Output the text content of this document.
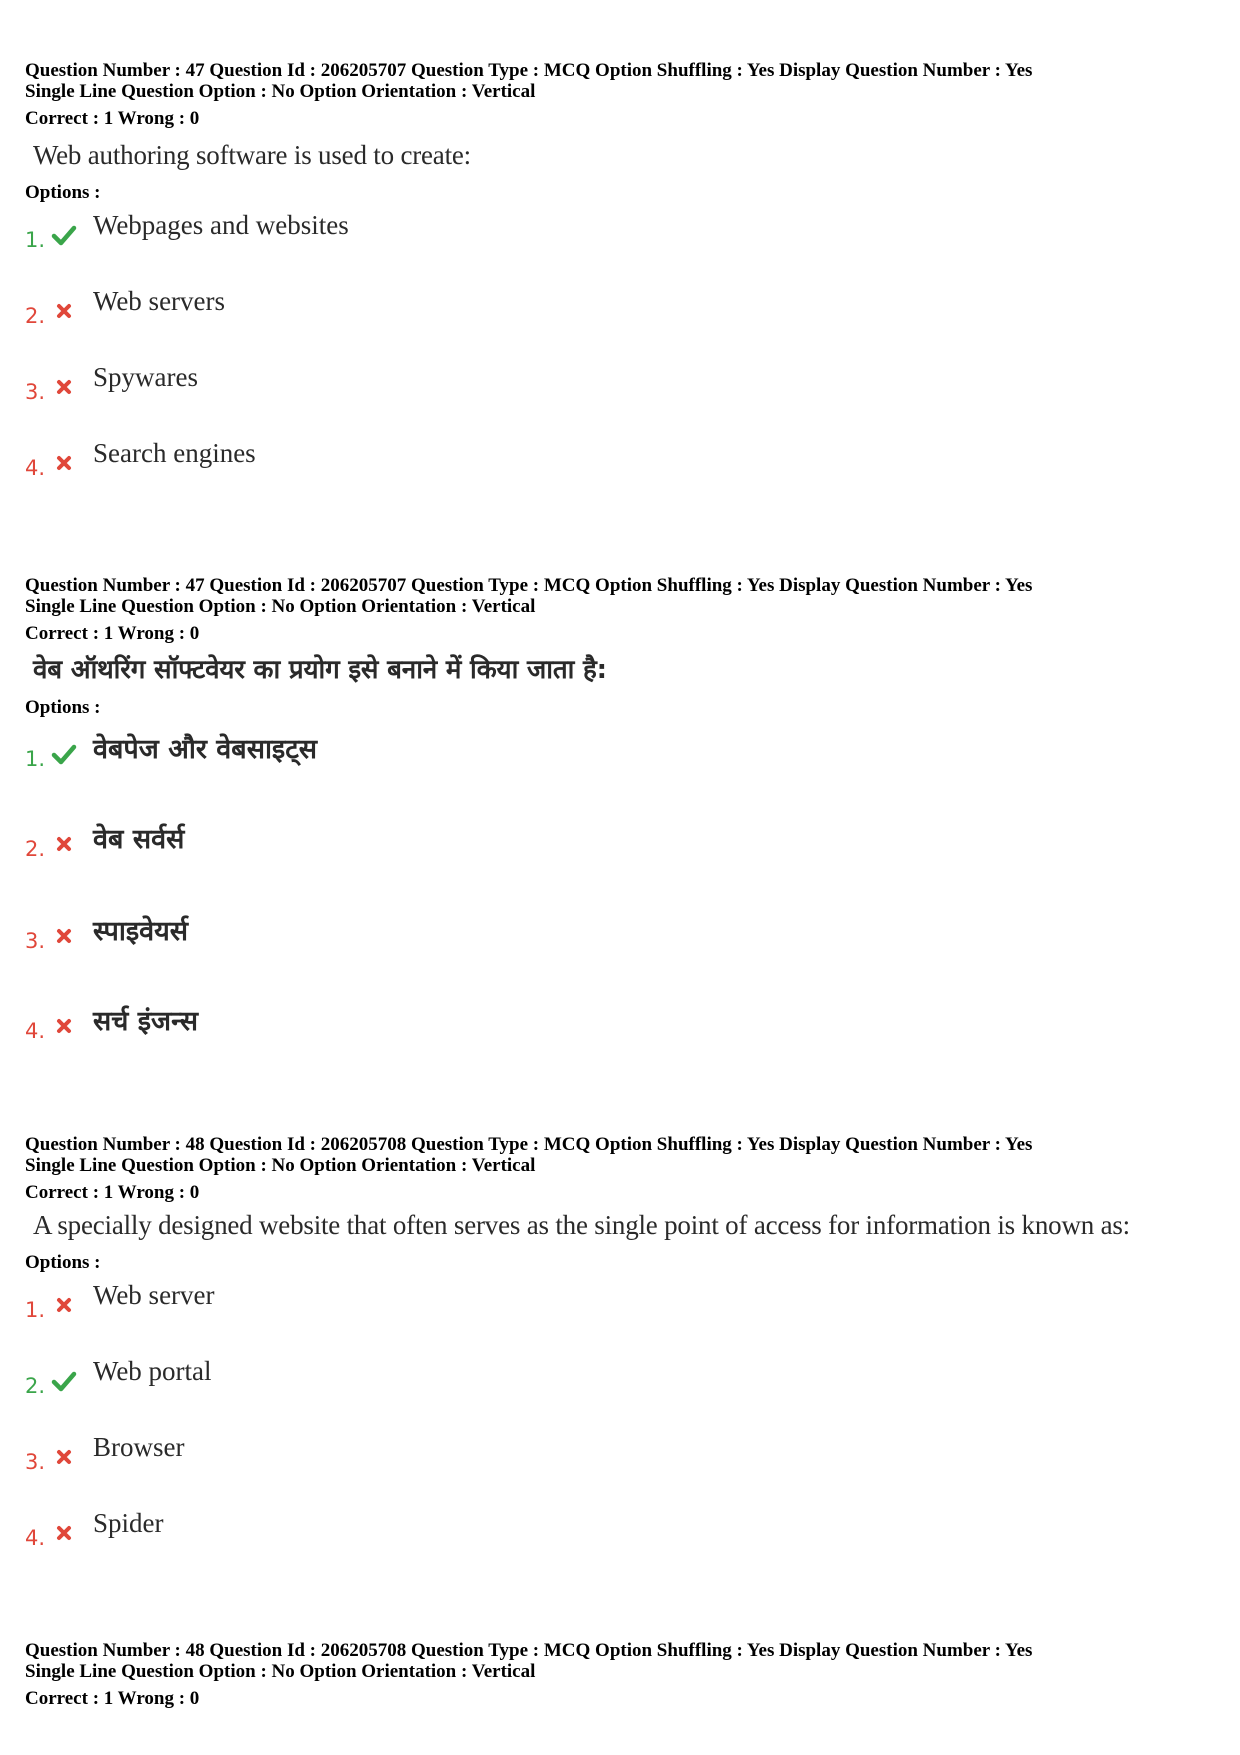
Question Number : 47 Question Id : 206205707 Question Type : MCQ Option Shuffling : Yes Display Question Number : Yes
Single Line Question Option : No Option Orientation : Vertical
Correct : 1 Wrong : 0
Web authoring software is used to create:
Options :
1. Webpages and websites
2. Web servers
3. Spywares
4. Search engines
Question Number : 47 Question Id : 206205707 Question Type : MCQ Option Shuffling : Yes Display Question Number : Yes
Single Line Question Option : No Option Orientation : Vertical
Correct : 1 Wrong : 0
वेब ऑथरिंग सॉफ्टवेयर का प्रयोग इसे बनाने में किया जाता है:
Options :
1. वेबपेज और वेबसाइट्स
2. वेब सर्वर्स
3. स्पाइवेयर्स
4. सर्च इंजन्स
Question Number : 48 Question Id : 206205708 Question Type : MCQ Option Shuffling : Yes Display Question Number : Yes
Single Line Question Option : No Option Orientation : Vertical
Correct : 1 Wrong : 0
A specially designed website that often serves as the single point of access for information is known as:
Options :
1. Web server
2. Web portal
3. Browser
4. Spider
Question Number : 48 Question Id : 206205708 Question Type : MCQ Option Shuffling : Yes Display Question Number : Yes
Single Line Question Option : No Option Orientation : Vertical
Correct : 1 Wrong : 0
